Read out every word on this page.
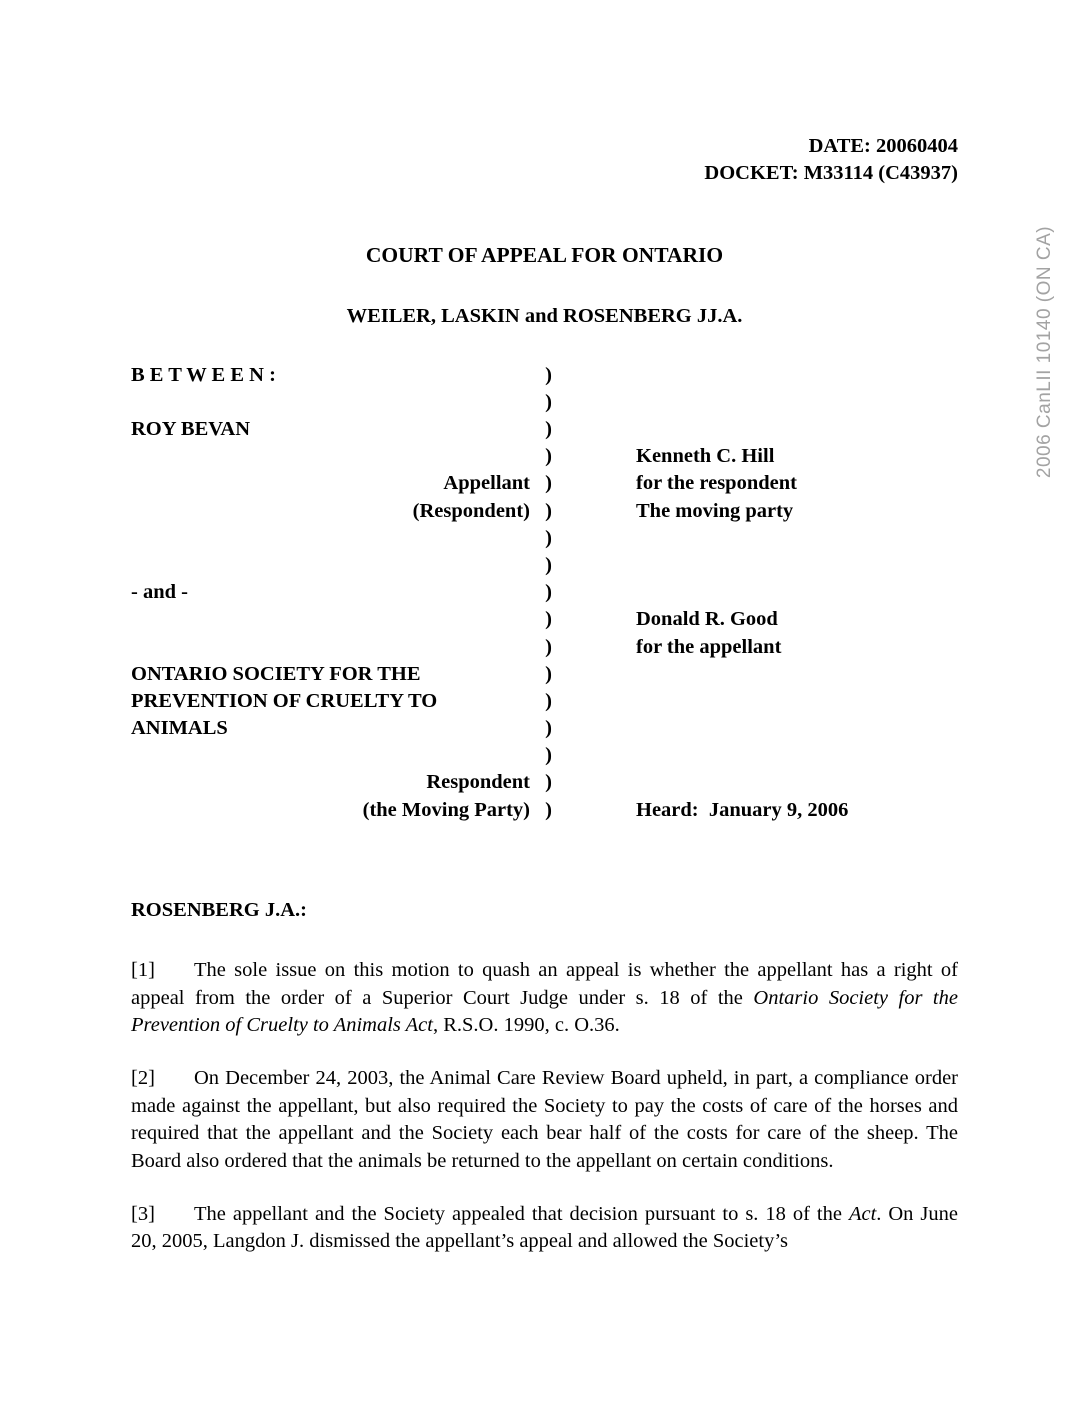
2006 CanLII 10140 (ON CA)
DATE: 20060404
DOCKET: M33114 (C43937)
COURT OF APPEAL FOR ONTARIO
WEILER, LASKIN and ROSENBERG JJ.A.
B E T W E E N :	)
)
ROY BEVAN	)
)	Kenneth C. Hill
Appellant )	for the respondent
(Respondent) )	The moving party
)
)
- and -	)
)	Donald R. Good
)	for the appellant
ONTARIO SOCIETY FOR THE	)
PREVENTION OF CRUELTY TO	)
ANIMALS	)
)
Respondent )
(the Moving Party) )	Heard:  January 9, 2006
ROSENBERG J.A.:

[1] The sole issue on this motion to quash an appeal is whether the appellant has a right of appeal from the order of a Superior Court Judge under s. 18 of the Ontario Society for the Prevention of Cruelty to Animals Act, R.S.O. 1990, c. O.36.

[2] On December 24, 2003, the Animal Care Review Board upheld, in part, a compliance order made against the appellant, but also required the Society to pay the costs of care of the horses and required that the appellant and the Society each bear half of the costs for care of the sheep. The Board also ordered that the animals be returned to the appellant on certain conditions.

[3] The appellant and the Society appealed that decision pursuant to s. 18 of the Act. On June 20, 2005, Langdon J. dismissed the appellant’s appeal and allowed the Society’s
